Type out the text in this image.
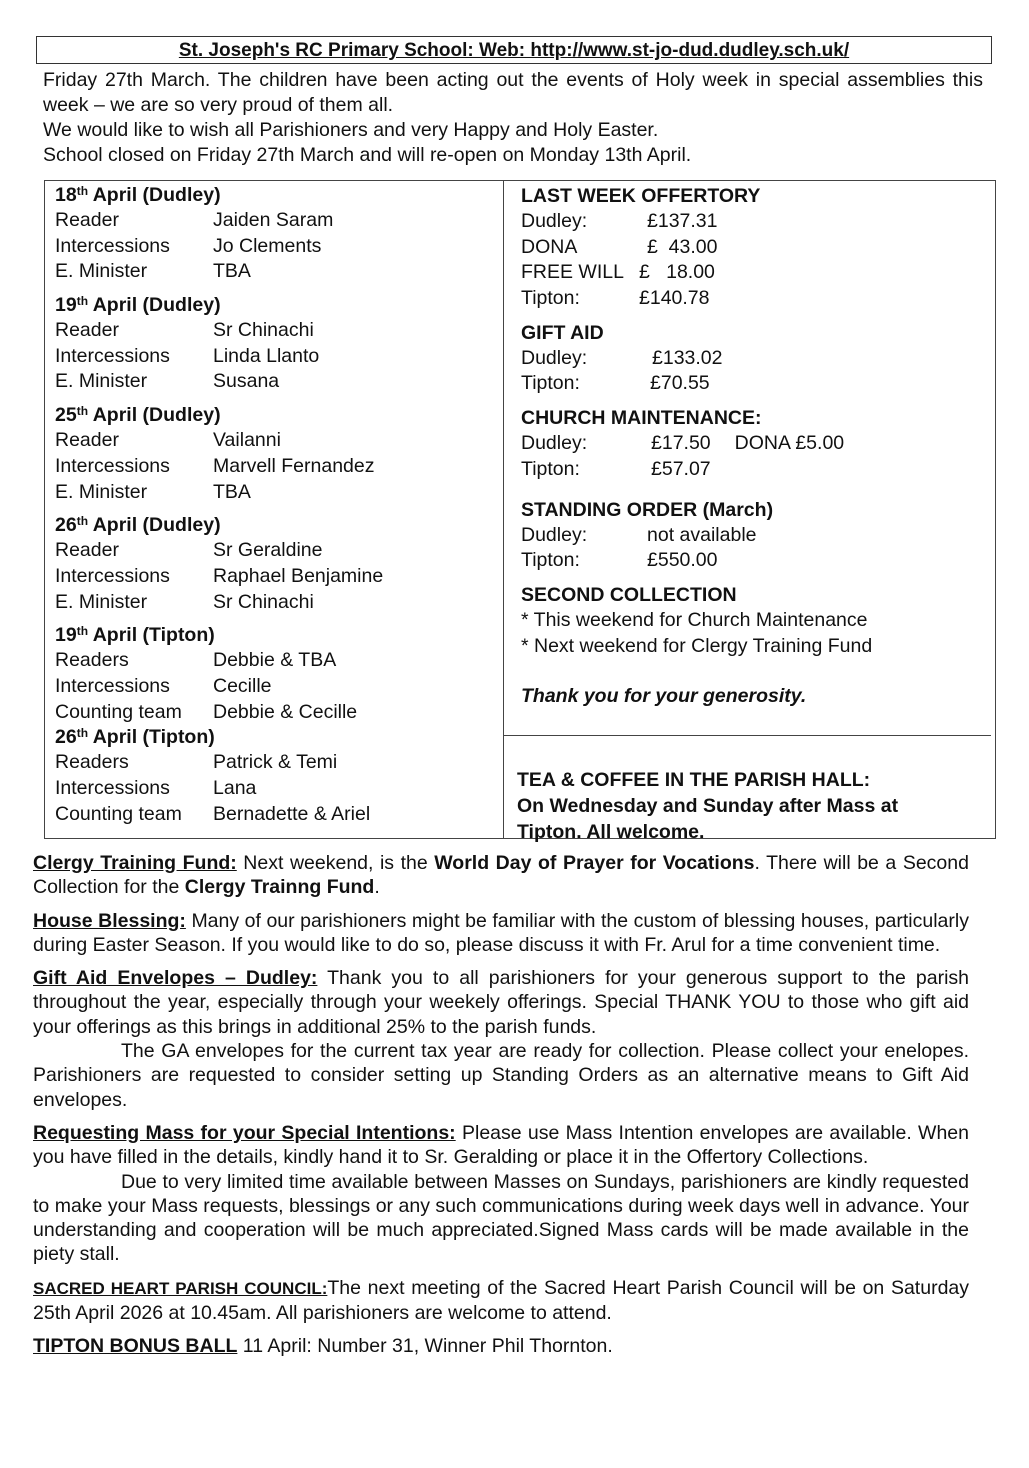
St. Joseph's RC Primary School: Web: http://www.st-jo-dud.dudley.sch.uk/

Friday 27th March. The children have been acting out the events of Holy week in special assemblies this week – we are so very proud of them all.

We would like to wish all Parishioners and very Happy and Holy Easter.

School closed on Friday 27th March and will re-open on Monday 13th April.

18th April (Dudley)
Reader	Jaiden Saram
Intercessions	Jo Clements
E. Minister	TBA
19th April (Dudley)
Reader	Sr Chinachi
Intercessions	Linda Llanto
E. Minister	Susana
25th April (Dudley)
Reader	Vailanni
Intercessions	Marvell Fernandez
E. Minister	TBA
26th April (Dudley)
Reader	Sr Geraldine
Intercessions	Raphael Benjamine
E. Minister	Sr Chinachi
19th April (Tipton)
Readers	Debbie & TBA
Intercessions	Cecille
Counting team	Debbie & Cecille
26th April (Tipton)
Readers	Patrick & Temi
Intercessions	Lana
Counting team	Bernadette & Ariel
LAST WEEK OFFERTORY
Dudley:	£137.31
DONA	£  43.00
FREE WILL £   18.00
Tipton:	£140.78
GIFT AID
Dudley:	£133.02
Tipton:	£70.55
CHURCH MAINTENANCE:
Dudley:	£17.50 DONA £5.00
Tipton:	£57.07
STANDING ORDER (March)
Dudley:	not available
Tipton:	£550.00
SECOND COLLECTION
* This weekend for Church Maintenance
* Next weekend for Clergy Training Fund
Thank you for your generosity.
TEA & COFFEE IN THE PARISH HALL:
On Wednesday and Sunday after Mass at
Tipton. All welcome.

Clergy Training Fund: Next weekend, is the World Day of Prayer for Vocations. There will be a Second Collection for the Clergy Trainng Fund.

House Blessing: Many of our parishioners might be familiar with the custom of blessing houses, particularly during Easter Season. If you would like to do so, please discuss it with Fr. Arul for a time convenient time.

Gift Aid Envelopes – Dudley: Thank you to all parishioners for your generous support to the parish throughout the year, especially through your weekely offerings. Special THANK YOU to those who gift aid your offerings as this brings in additional 25% to the parish funds.
The GA envelopes for the current tax year are ready for collection. Please collect your enelopes. Parishioners are requested to consider setting up Standing Orders as an alternative means to Gift Aid envelopes.

Requesting Mass for your Special Intentions: Please use Mass Intention envelopes are available. When you have filled in the details, kindly hand it to Sr. Geralding or place it in the Offertory Collections.
Due to very limited time available between Masses on Sundays, parishioners are kindly requested to make your Mass requests, blessings or any such communications during week days well in advance. Your understanding and cooperation will be much appreciated.Signed Mass cards will be made available in the piety stall.

SACRED HEART PARISH COUNCIL:The next meeting of the Sacred Heart Parish Council will be on Saturday 25th April 2026 at 10.45am. All parishioners are welcome to attend.

TIPTON BONUS BALL 11 April: Number 31, Winner Phil Thornton.
